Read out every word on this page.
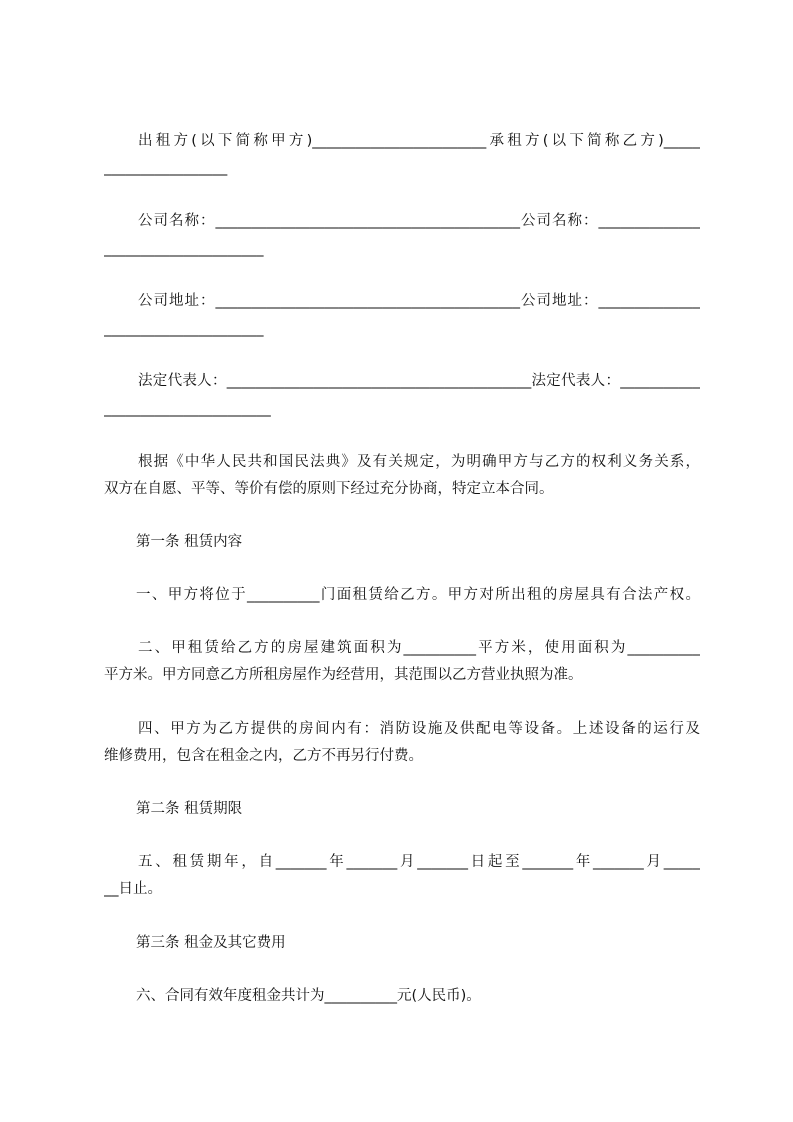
出租方(以下简称甲方)________________________承租方(以下简称乙方)_____
_________________
公司名称：__________________________________________公司名称：______________
______________________
公司地址：__________________________________________公司地址：______________
______________________
法定代表人：__________________________________________法定代表人：___________
_______________________
根据《中华人民共和国民法典》及有关规定，为明确甲方与乙方的权利义务关系，
双方在自愿、平等、等价有偿的原则下经过充分协商，特定立本合同。
第一条 租赁内容
一、甲方将位于__________门面租赁给乙方。甲方对所出租的房屋具有合法产权。
二、甲租赁给乙方的房屋建筑面积为__________平方米，使用面积为__________
平方米。甲方同意乙方所租房屋作为经营用，其范围以乙方营业执照为准。
四、甲方为乙方提供的房间内有：消防设施及供配电等设备。上述设备的运行及
维修费用，包含在租金之内，乙方不再另行付费。
第二条 租赁期限
五、租赁期年，自_______年_______月_______日起至_______年_______月_____
__日止。
第三条 租金及其它费用
六、合同有效年度租金共计为__________元(人民币)。
